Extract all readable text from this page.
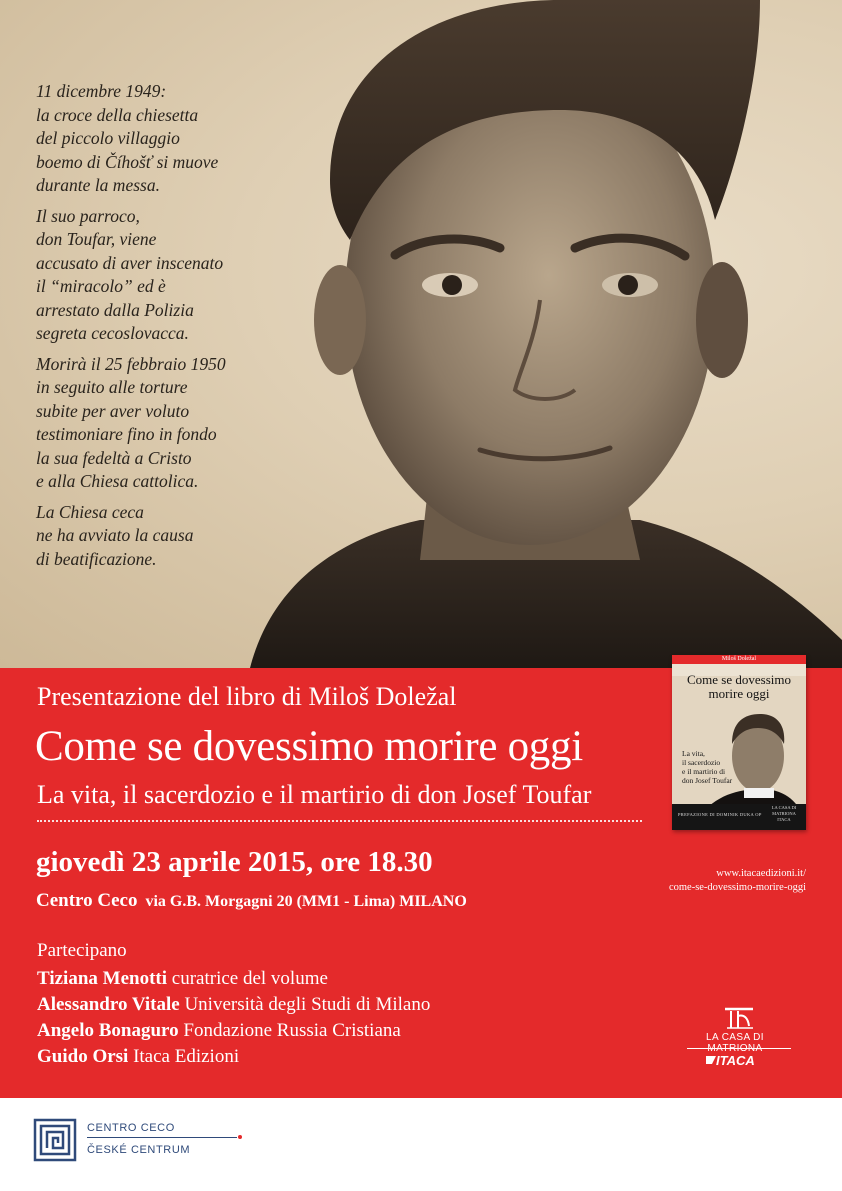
11 dicembre 1949:
la croce della chiesetta
del piccolo villaggio
boemo di Číhošť si muove
durante la messa.

Il suo parroco,
don Toufar, viene
accusato di aver inscenato
il “miracolo” ed è
arrestato dalla Polizia
segreta cecoslovacca.

Morirà il 25 febbraio 1950
in seguito alle torture
subite per aver voluto
testimoniare fino in fondo
la sua fedeltà a Cristo
e alla Chiesa cattolica.

La Chiesa ceca
ne ha avviato la causa
di beatificazione.

Presentazione del libro di Miloš Doležal
Come se dovessimo morire oggi
La vita, il sacerdozio e il martirio di don Josef Toufar
giovedì 23 aprile 2015, ore 18.30
Centro Ceco via G.B. Morgagni 20 (MM1 - Lima) MILANO
Partecipano
Tiziana Menotti curatrice del volume
Alessandro Vitale Università degli Studi di Milano
Angelo Bonaguro Fondazione Russia Cristiana
Guido Orsi Itaca Edizioni
Miloš Doležal
Come se dovessimo
morire oggi
La vita,
il sacerdozio
e il martirio di
don Josef Toufar
PREFAZIONE DI DOMINIK DUKA OP
LA CASA DI MATRIONA
ITACA
www.itacaedizioni.it/
come-se-dovessimo-morire-oggi
LA CASA DI MATRIONA
ITACA
CENTRO CECO
ČESKÉ CENTRUM
